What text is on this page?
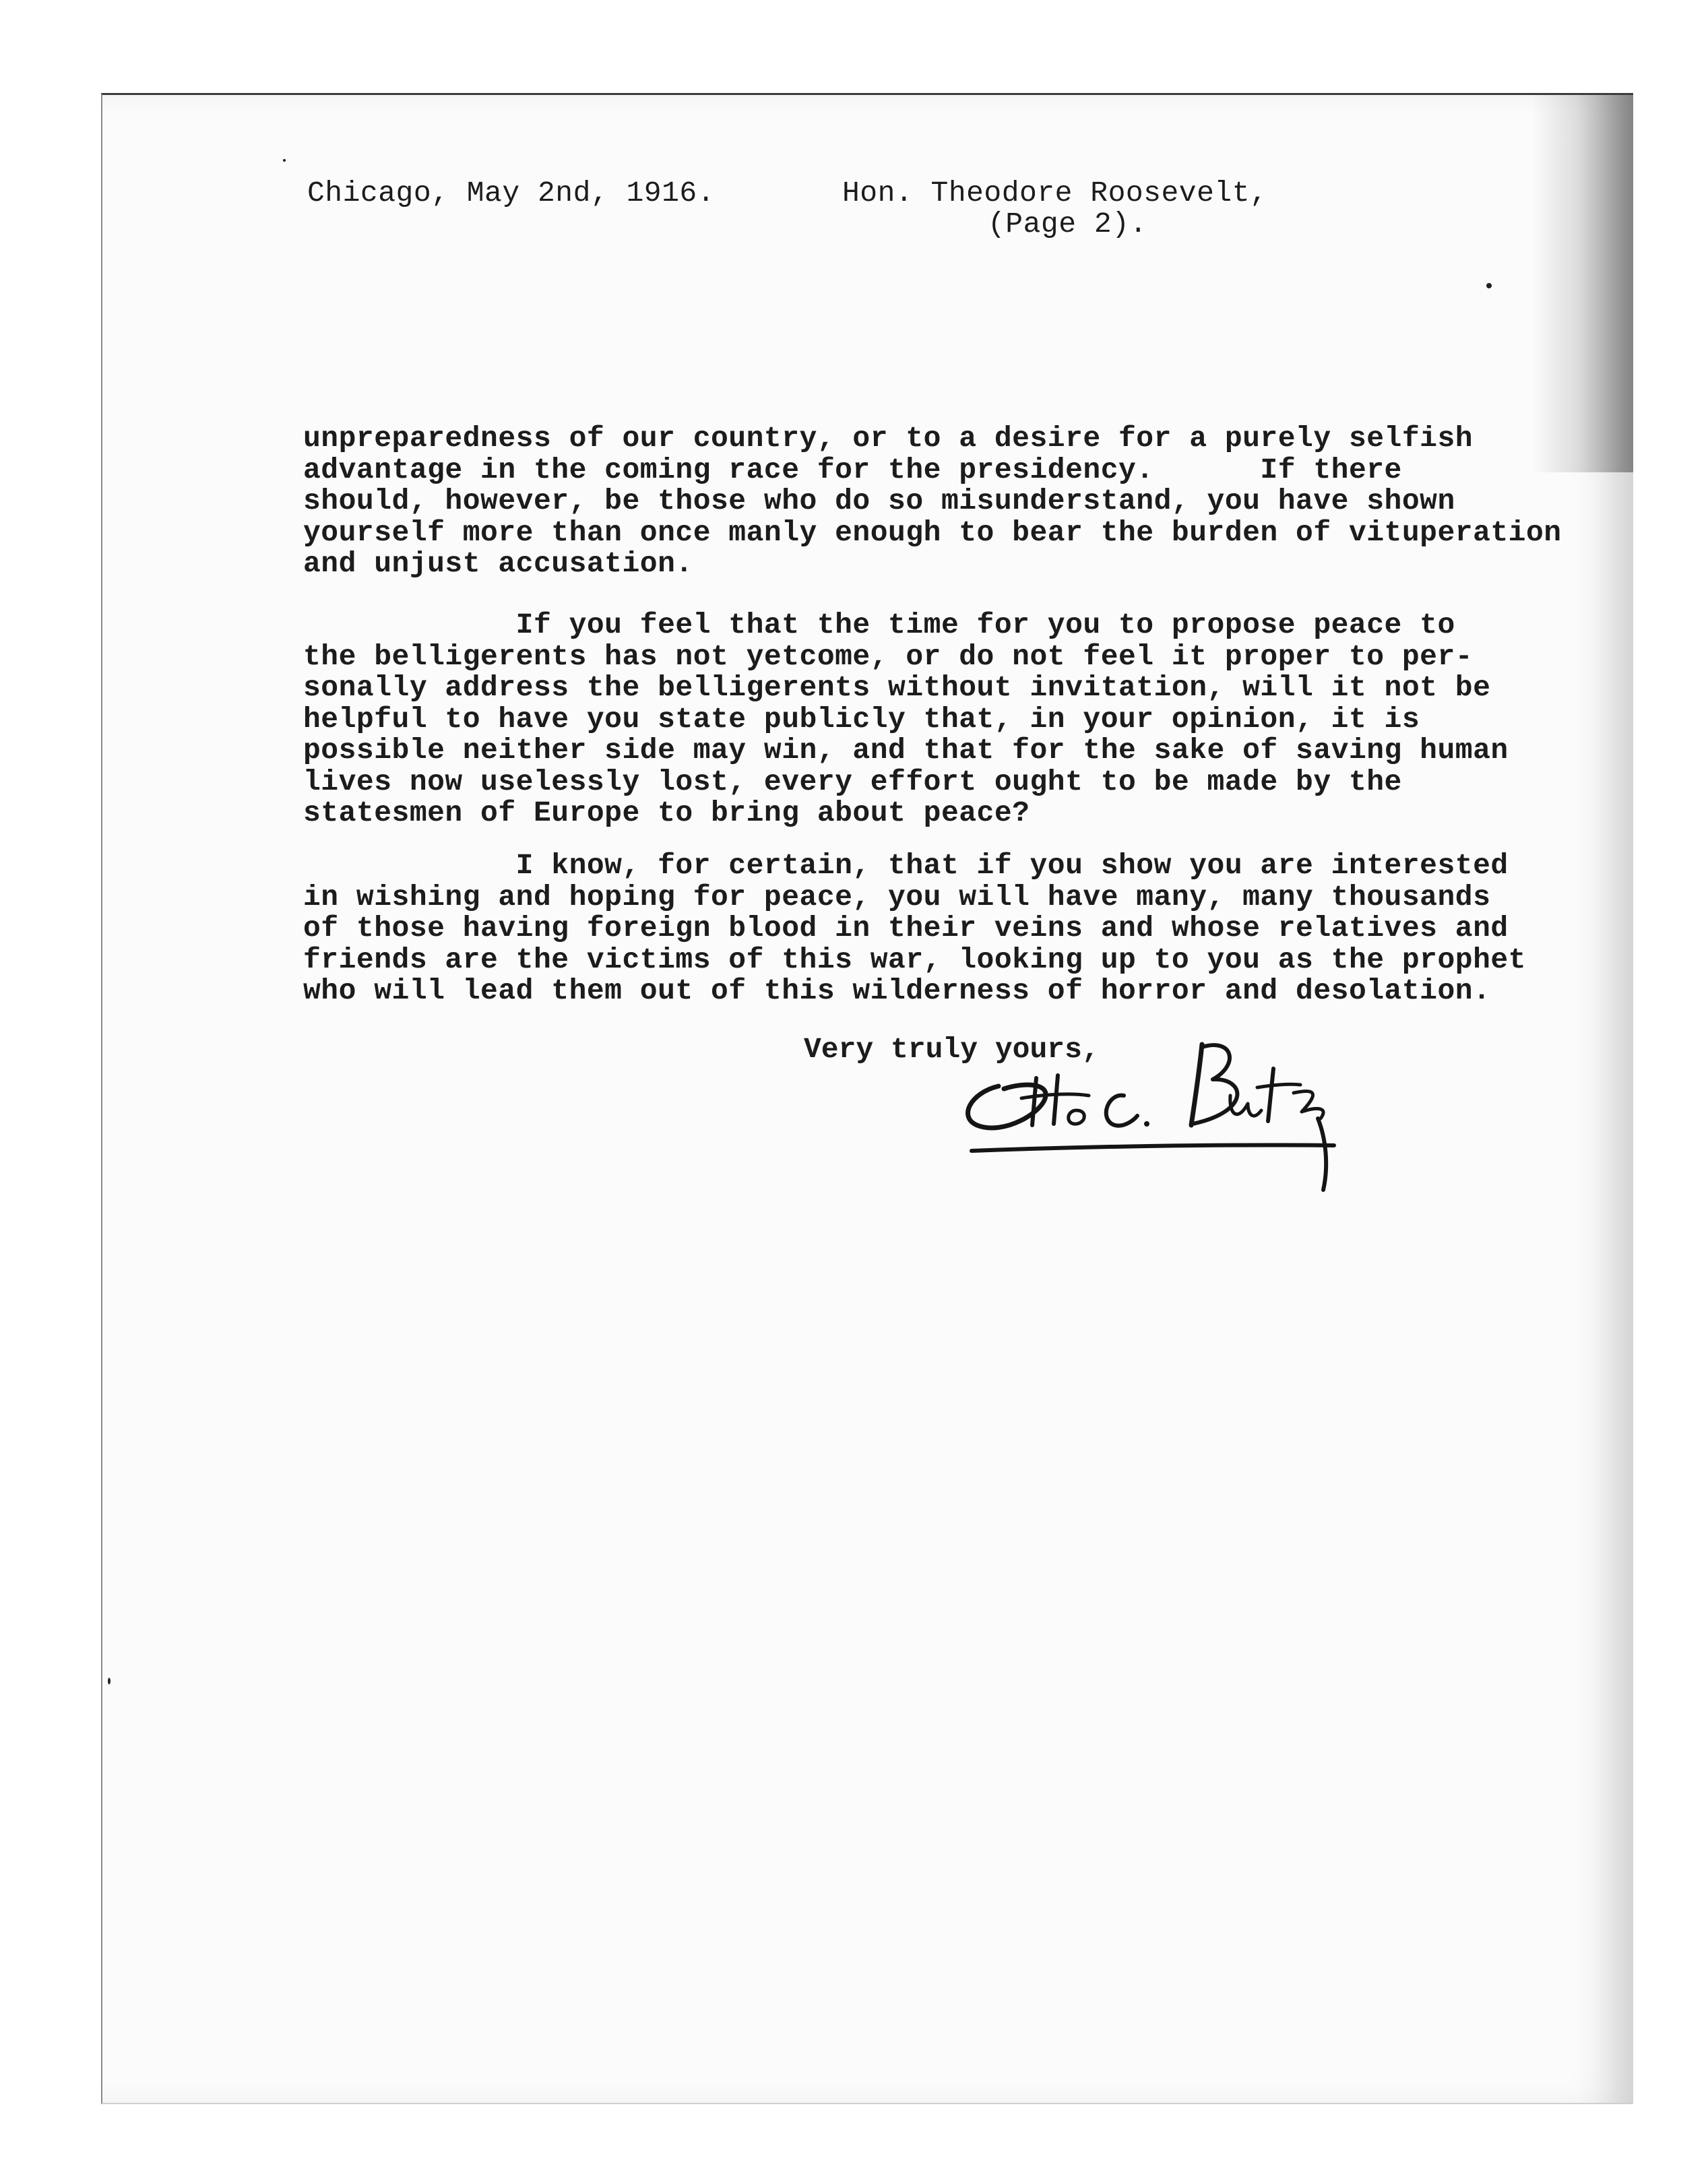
Chicago, May 2nd, 1916.	Hon. Theodore Roosevelt,
(Page 2).
unpreparedness of our country, or to a desire for a purely selfish
advantage in the coming race for the presidency.      If there
should, however, be those who do so misunderstand, you have shown
yourself more than once manly enough to bear the burden of vituperation
and unjust accusation.
If you feel that the time for you to propose peace to
the belligerents has not yetcome, or do not feel it proper to per-
sonally address the belligerents without invitation, will it not be
helpful to have you state publicly that, in your opinion, it is
possible neither side may win, and that for the sake of saving human
lives now uselessly lost, every effort ought to be made by the
statesmen of Europe to bring about peace?
I know, for certain, that if you show you are interested
in wishing and hoping for peace, you will have many, many thousands
of those having foreign blood in their veins and whose relatives and
friends are the victims of this war, looking up to you as the prophet
who will lead them out of this wilderness of horror and desolation.
Very truly yours,
